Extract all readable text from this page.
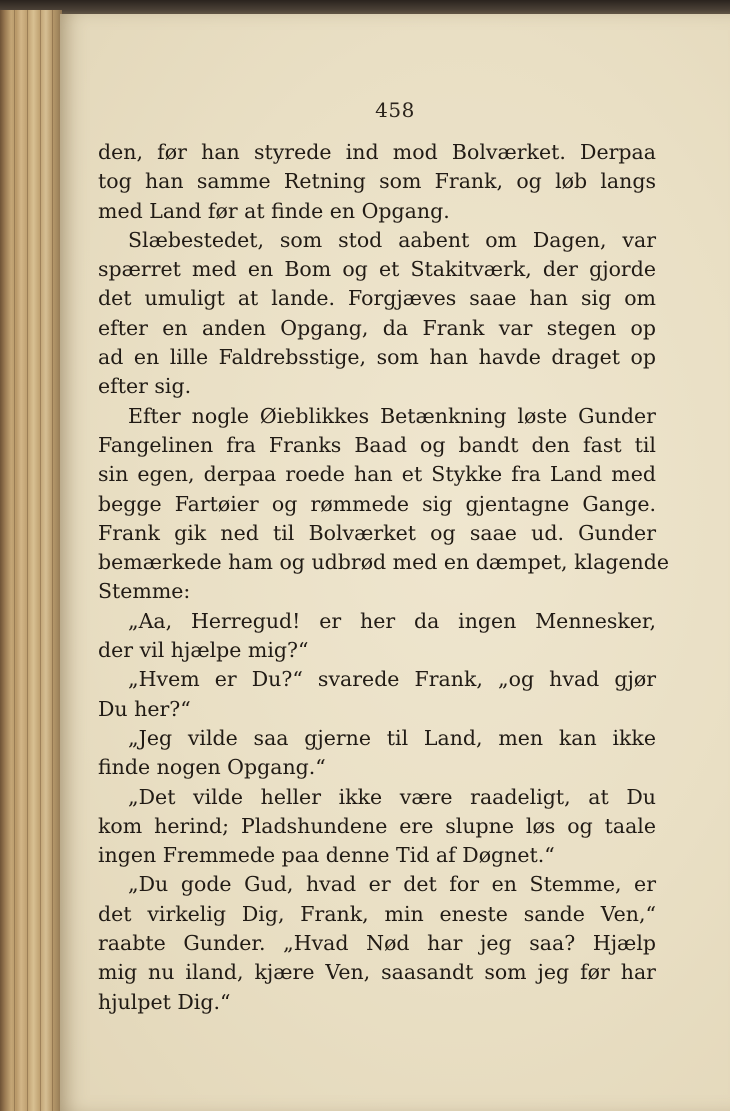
458
den, før han styrede ind mod Bolværket. Derpaa
tog han samme Retning som Frank, og løb langs
med Land før at finde en Opgang.
Slæbestedet, som stod aabent om Dagen, var
spærret med en Bom og et Stakitværk, der gjorde
det umuligt at lande. Forgjæves saae han sig om
efter en anden Opgang, da Frank var stegen op
ad en lille Faldrebsstige, som han havde draget op
efter sig.
Efter nogle Øieblikkes Betænkning løste Gunder
Fangelinen fra Franks Baad og bandt den fast til
sin egen, derpaa roede han et Stykke fra Land med
begge Fartøier og rømmede sig gjentagne Gange.
Frank gik ned til Bolværket og saae ud. Gunder
bemærkede ham og udbrød med en dæmpet, klagende
Stemme:
„Aa, Herregud! er her da ingen Mennesker,
der vil hjælpe mig?“
„Hvem er Du?“ svarede Frank, „og hvad gjør
Du her?“
„Jeg vilde saa gjerne til Land, men kan ikke
finde nogen Opgang.“
„Det vilde heller ikke være raadeligt, at Du
kom herind; Pladshundene ere slupne løs og taale
ingen Fremmede paa denne Tid af Døgnet.“
„Du gode Gud, hvad er det for en Stemme, er
det virkelig Dig, Frank, min eneste sande Ven,“
raabte Gunder. „Hvad Nød har jeg saa? Hjælp
mig nu iland, kjære Ven, saasandt som jeg før har
hjulpet Dig.“
